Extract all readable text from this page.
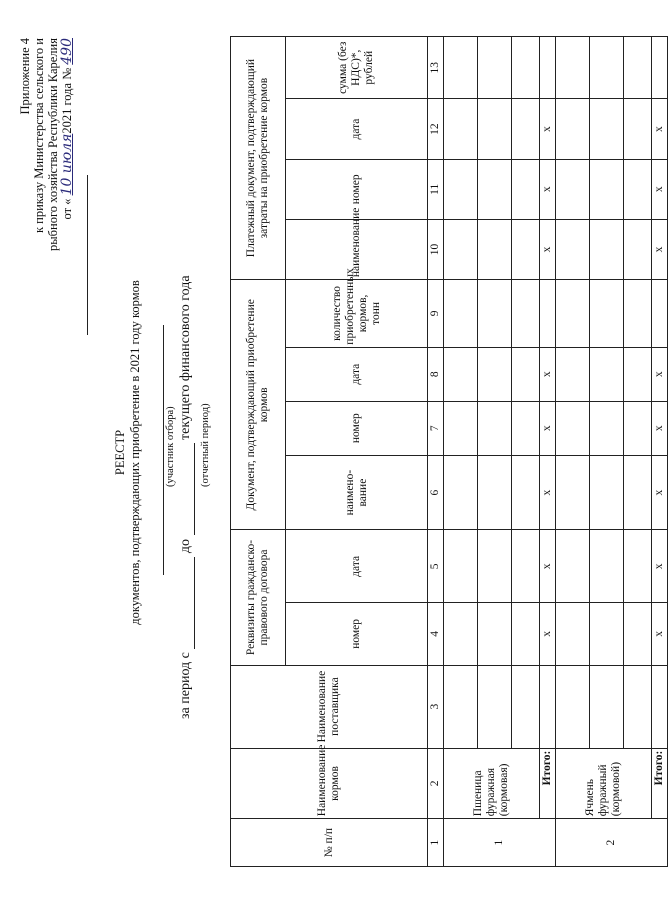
Приложение 4 к приказу Министерства сельского и рыбного хозяйства Республики Карелия от « 10 июля2021 года № 490
РЕЕСТР документов, подтверждающих приобретение в 2021 году кормов (участник отбора)
за период с   до   текущего финансового года
(отчетный период)
№ п/п	Наименование кормов	Наименование поставщика	Реквизиты гражданско-правового договора		Документ, подтверждающий приобретение кормов				Платежный документ, подтверждающий затраты на приобретение кормов			
			номер	дата	наимено-вание	номер	дата	количество приобретенных кормов, тонн	наименование	номер	дата	сумма (без НДС)*, рублей
1	2	3	4	5	6	7	8	9	10	11	12	13
1	Пшеница фуражная (кормовая)											

	Итого:		х	х	х	х	х		х	х	х	
2	Ячмень фуражный (кормовой)											

	Итого:		х	х	х	х	х		х	х	х	
